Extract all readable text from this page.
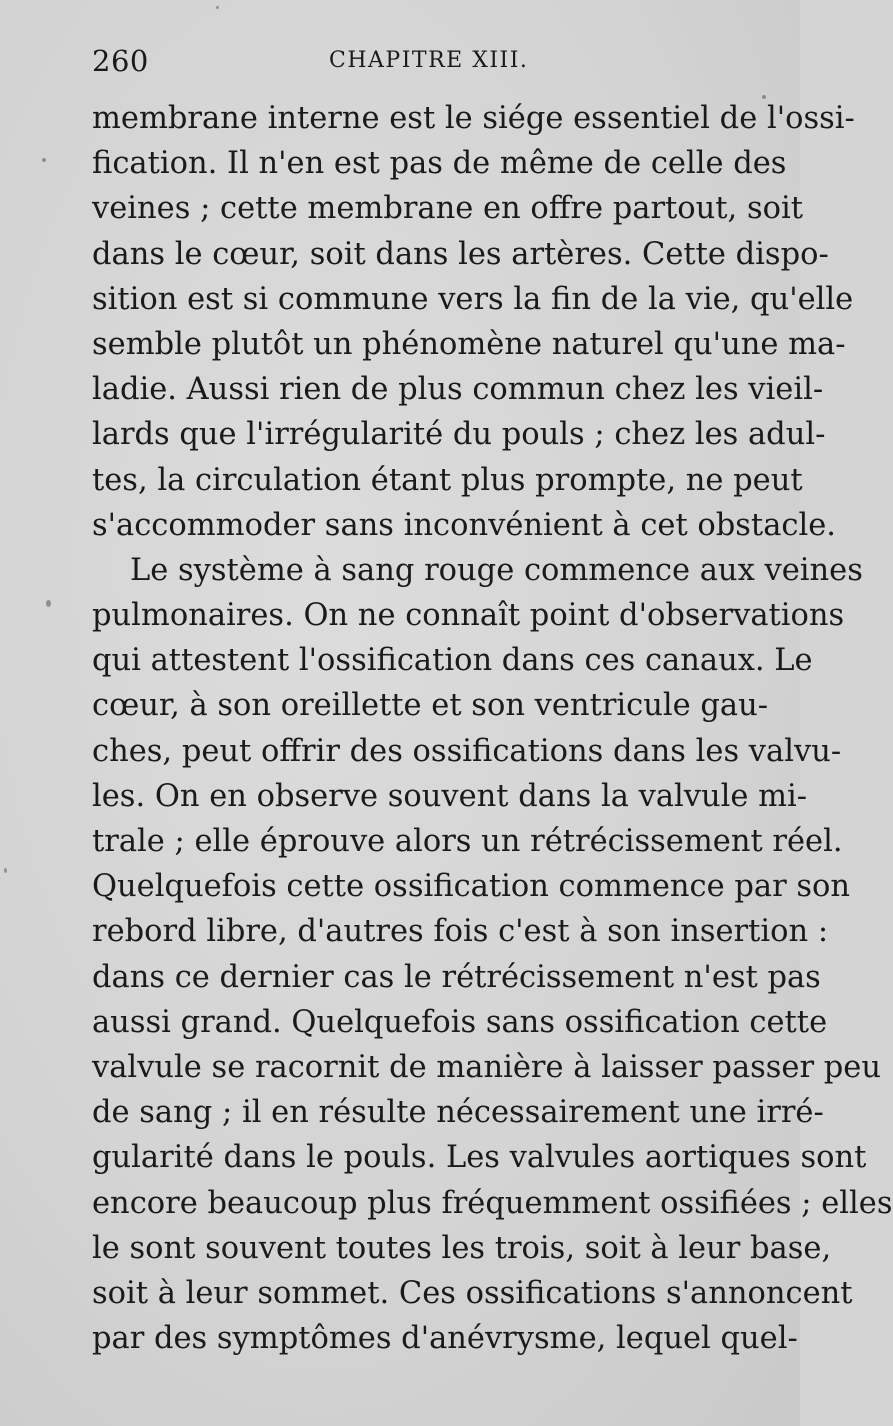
260	CHAPITRE XIII.
membrane interne est le siége essentiel de l'ossi-
fication. Il n'en est pas de même de celle des
veines ; cette membrane en offre partout, soit
dans le cœur, soit dans les artères. Cette dispo-
sition est si commune vers la fin de la vie, qu'elle
semble plutôt un phénomène naturel qu'une ma-
ladie. Aussi rien de plus commun chez les vieil-
lards que l'irrégularité du pouls ; chez les adul-
tes, la circulation étant plus prompte, ne peut
s'accommoder sans inconvénient à cet obstacle.
Le système à sang rouge commence aux veines
pulmonaires. On ne connaît point d'observations
qui attestent l'ossification dans ces canaux. Le
cœur, à son oreillette et son ventricule gau-
ches, peut offrir des ossifications dans les valvu-
les. On en observe souvent dans la valvule mi-
trale ; elle éprouve alors un rétrécissement réel.
Quelquefois cette ossification commence par son
rebord libre, d'autres fois c'est à son insertion :
dans ce dernier cas le rétrécissement n'est pas
aussi grand. Quelquefois sans ossification cette
valvule se racornit de manière à laisser passer peu
de sang ; il en résulte nécessairement une irré-
gularité dans le pouls. Les valvules aortiques sont
encore beaucoup plus fréquemment ossifiées ; elles
le sont souvent toutes les trois, soit à leur base,
soit à leur sommet. Ces ossifications s'annoncent
par des symptômes d'anévrysme, lequel quel-
